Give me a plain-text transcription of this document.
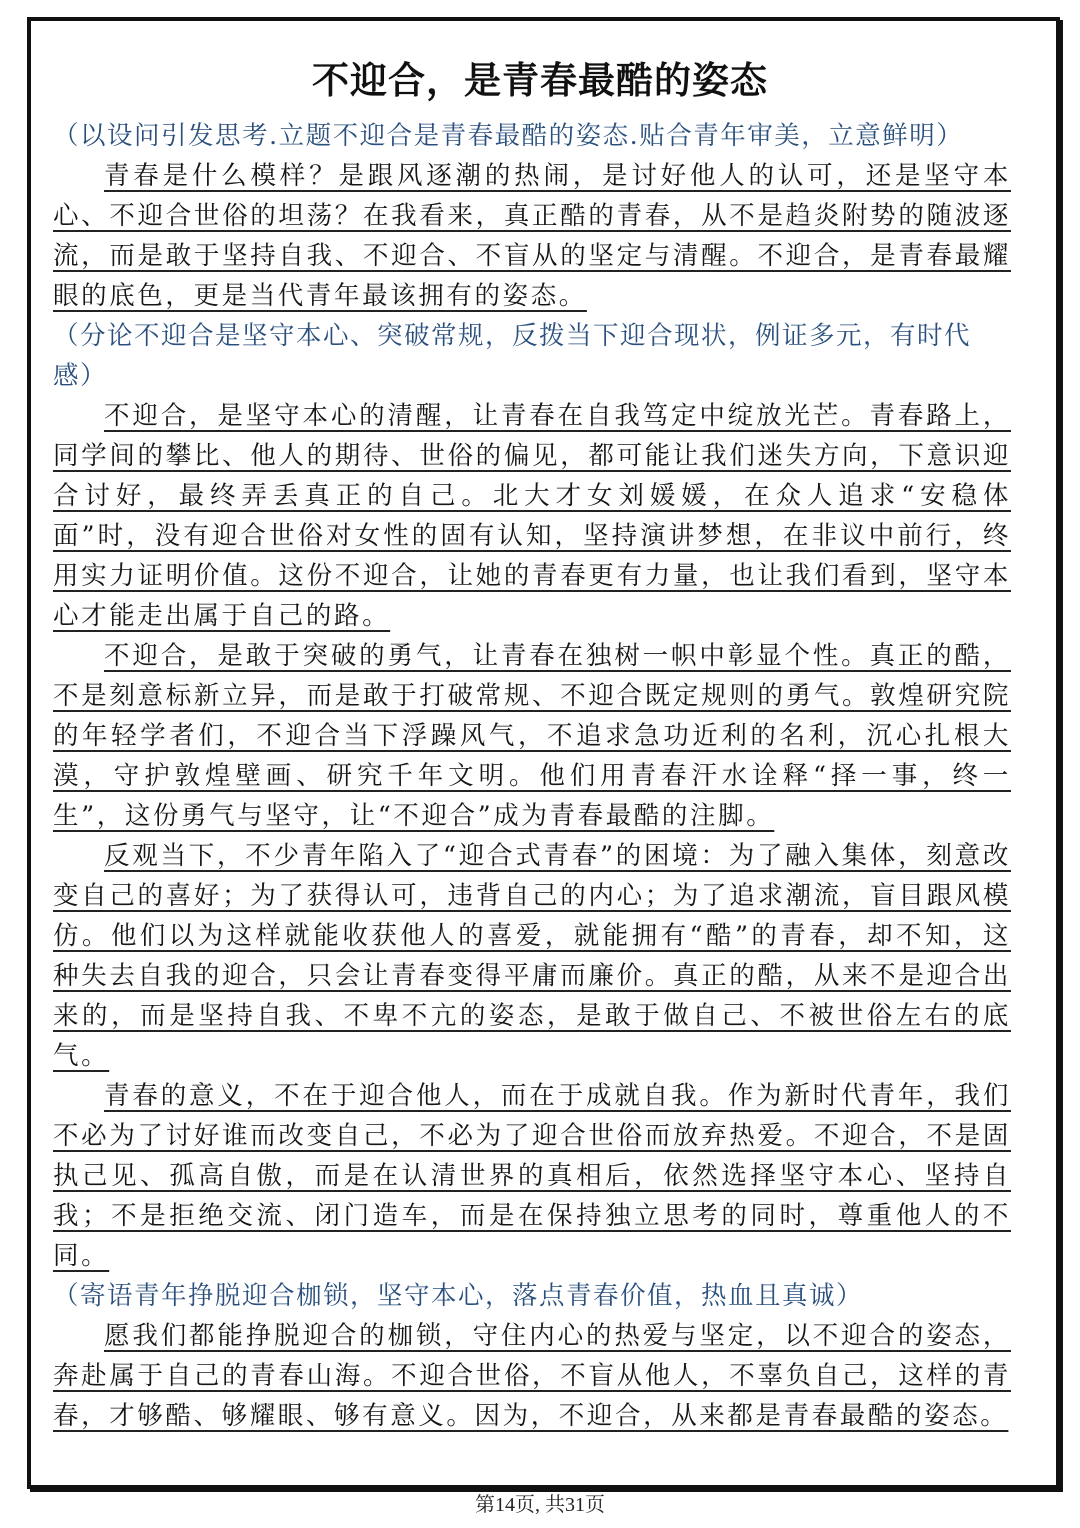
不迎合，是青春最酷的姿态

（以设问引发思考.立题不迎合是青春最酷的姿态.贴合青年审美，立意鲜明）

青春是什么模样？是跟风逐潮的热闹，是讨好他人的认可，还是坚守本心、不迎合世俗的坦荡？在我看来，真正酷的青春，从不是趋炎附势的随波逐流，而是敢于坚持自我、不迎合、不盲从的坚定与清醒。不迎合，是青春最耀眼的底色，更是当代青年最该拥有的姿态。

（分论不迎合是坚守本心、突破常规，反拨当下迎合现状，例证多元，有时代感）

不迎合，是坚守本心的清醒，让青春在自我笃定中绽放光芒。青春路上，同学间的攀比、他人的期待、世俗的偏见，都可能让我们迷失方向，下意识迎合讨好，最终弄丢真正的自己。北大才女刘媛媛，在众人追求“安稳体面”时，没有迎合世俗对女性的固有认知，坚持演讲梦想，在非议中前行，终用实力证明价值。这份不迎合，让她的青春更有力量，也让我们看到，坚守本心才能走出属于自己的路。

不迎合，是敢于突破的勇气，让青春在独树一帜中彰显个性。真正的酷，不是刻意标新立异，而是敢于打破常规、不迎合既定规则的勇气。敦煌研究院的年轻学者们，不迎合当下浮躁风气，不追求急功近利的名利，沉心扎根大漠，守护敦煌壁画、研究千年文明。他们用青春汗水诠释“择一事，终一生”，这份勇气与坚守，让“不迎合”成为青春最酷的注脚。

反观当下，不少青年陷入了“迎合式青春”的困境：为了融入集体，刻意改变自己的喜好；为了获得认可，违背自己的内心；为了追求潮流，盲目跟风模仿。他们以为这样就能收获他人的喜爱，就能拥有“酷”的青春，却不知，这种失去自我的迎合，只会让青春变得平庸而廉价。真正的酷，从来不是迎合出来的，而是坚持自我、不卑不亢的姿态，是敢于做自己、不被世俗左右的底气。

青春的意义，不在于迎合他人，而在于成就自我。作为新时代青年，我们不必为了讨好谁而改变自己，不必为了迎合世俗而放弃热爱。不迎合，不是固执己见、孤高自傲，而是在认清世界的真相后，依然选择坚守本心、坚持自我；不是拒绝交流、闭门造车，而是在保持独立思考的同时，尊重他人的不同。

（寄语青年挣脱迎合枷锁，坚守本心，落点青春价值，热血且真诚）

愿我们都能挣脱迎合的枷锁，守住内心的热爱与坚定，以不迎合的姿态，奔赴属于自己的青春山海。不迎合世俗，不盲从他人，不辜负自己，这样的青春，才够酷、够耀眼、够有意义。因为，不迎合，从来都是青春最酷的姿态。

第14页, 共31页
